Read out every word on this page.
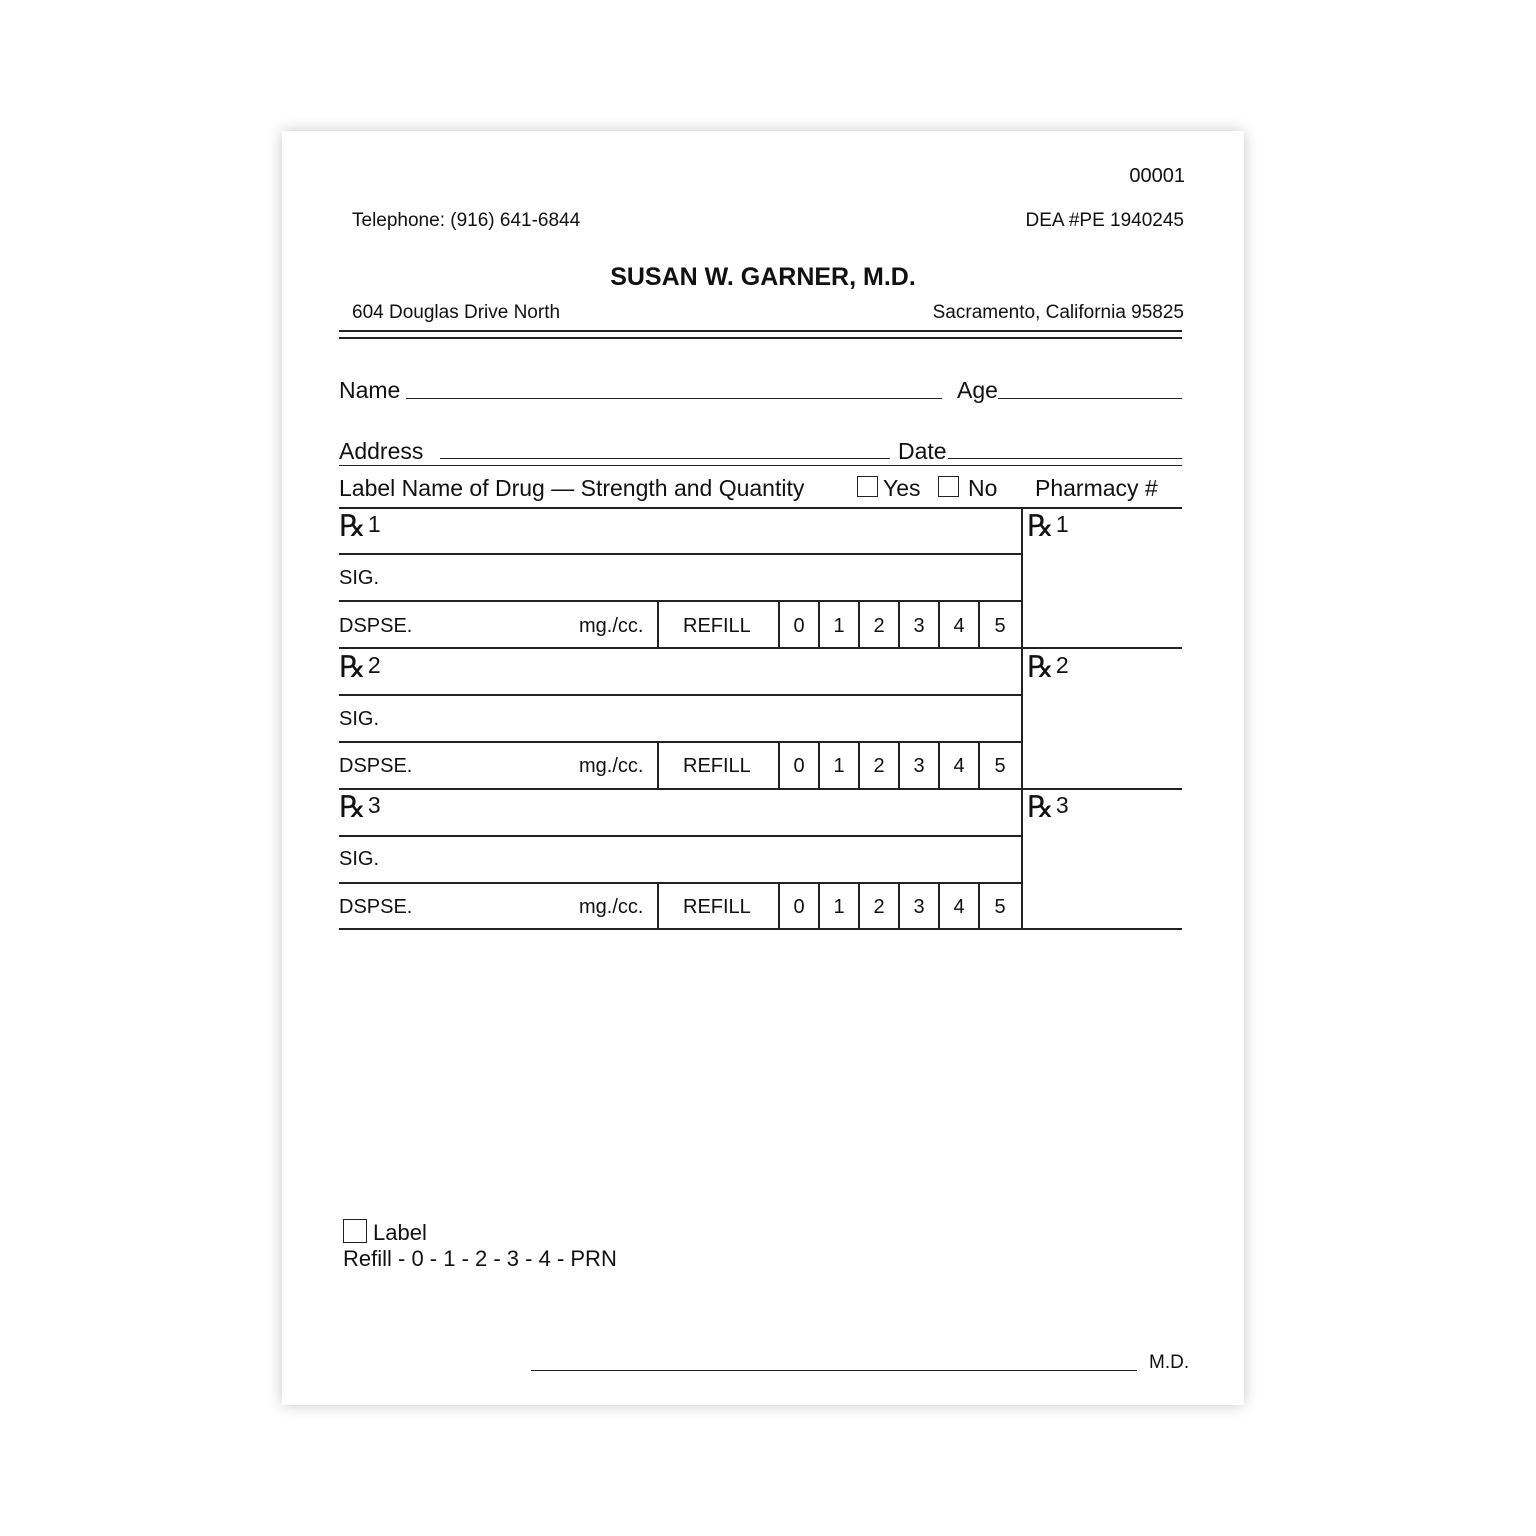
00001
Telephone: (916) 641-6844	DEA #PE 1940245
SUSAN W. GARNER, M.D.
604 Douglas Drive North	Sacramento, California 95825
Name	Age
Address	Date
Label Name of Drug — Strength and Quantity	Yes No Pharmacy #
℞1	℞1
SIG.
DSPSE.	mg./cc. REFILL	0	1	2	3	4	5
℞2	℞2
SIG.
DSPSE.	mg./cc. REFILL	0	1	2	3	4	5
℞3	℞3
SIG.
DSPSE.	mg./cc. REFILL	0	1	2	3	4	5
Label
Refill - 0 - 1 - 2 - 3 - 4 - PRN
M.D.
